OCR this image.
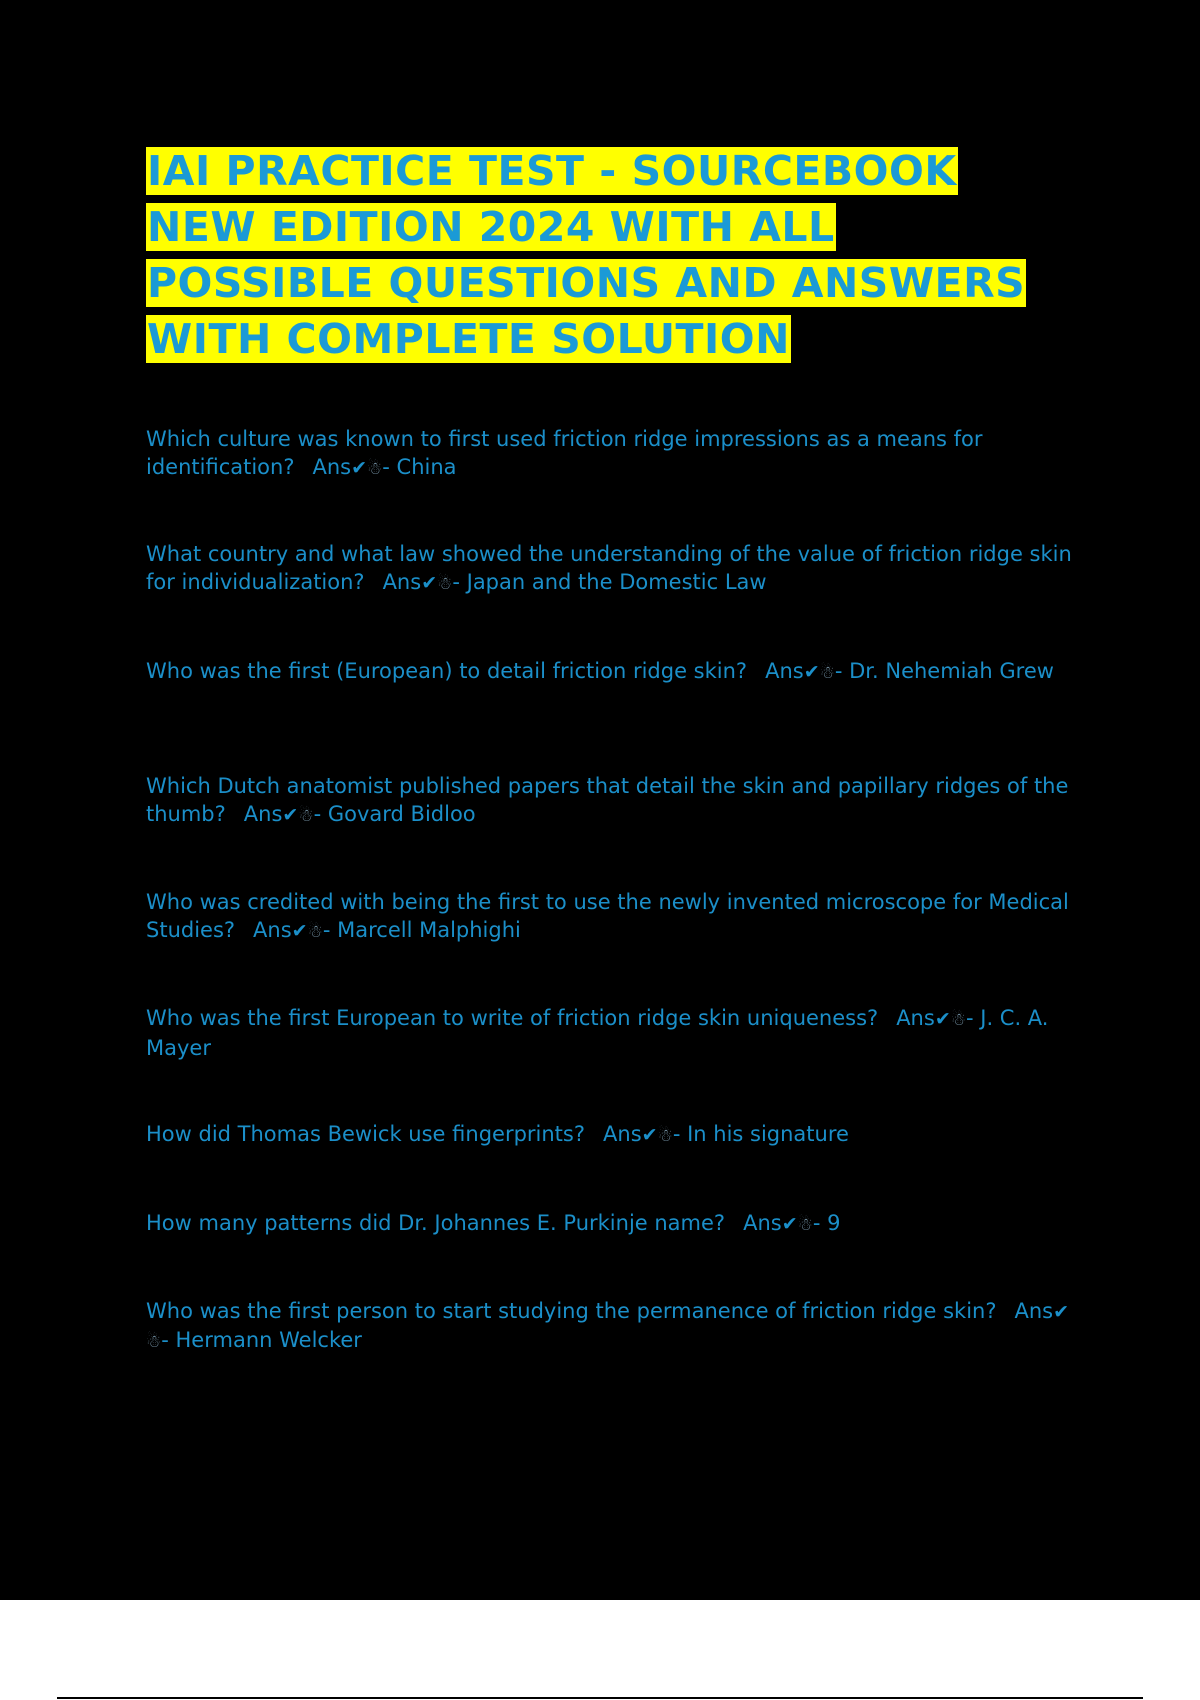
IAI PRACTICE TEST - SOURCEBOOK
NEW EDITION 2024 WITH ALL
POSSIBLE QUESTIONS AND ANSWERS
WITH COMPLETE SOLUTION
Which culture was known to first used friction ridge impressions as a means for identification? Ans✔☃- China
What country and what law showed the understanding of the value of friction ridge skin for individualization? Ans✔☃- Japan and the Domestic Law
Who was the first (European) to detail friction ridge skin? Ans✔☃- Dr. Nehemiah Grew
Which Dutch anatomist published papers that detail the skin and papillary ridges of the thumb? Ans✔☃- Govard Bidloo
Who was credited with being the first to use the newly invented microscope for Medical Studies? Ans✔☃- Marcell Malphighi
Who was the first European to write of friction ridge skin uniqueness? Ans✔☃- J. C. A. Mayer
How did Thomas Bewick use fingerprints? Ans✔☃- In his signature
How many patterns did Dr. Johannes E. Purkinje name? Ans✔☃- 9
Who was the first person to start studying the permanence of friction ridge skin? Ans✔☃- Hermann Welcker
